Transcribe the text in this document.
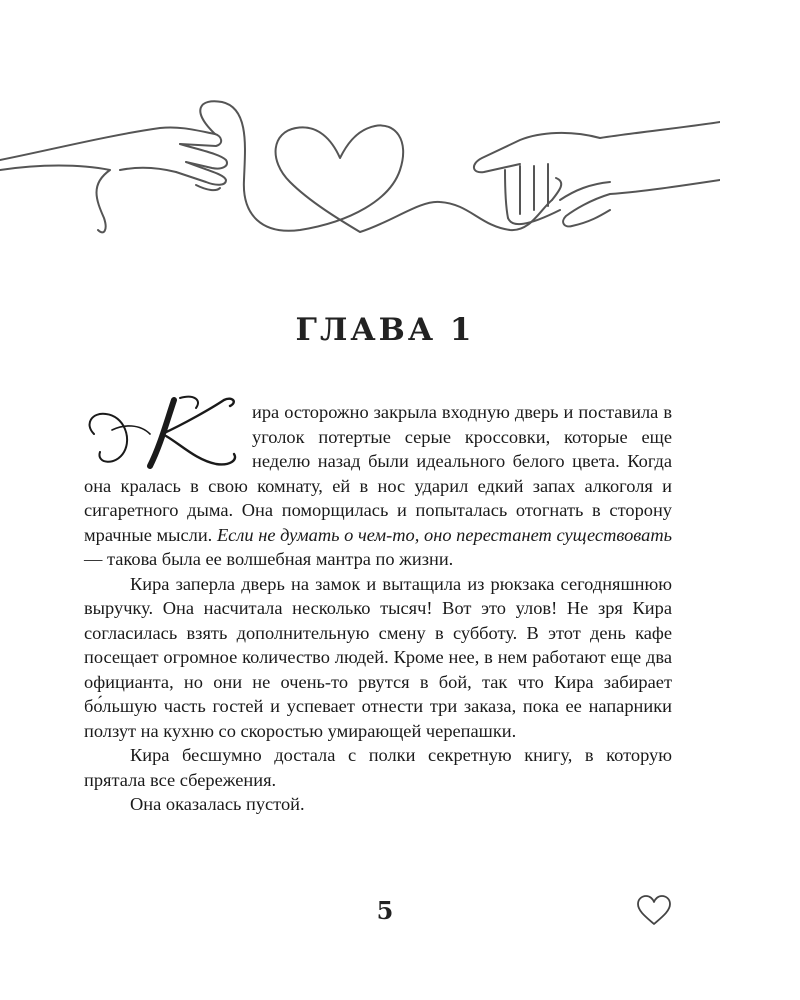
ГЛАВА 1
К

ира осторожно закрыла входную дверь и поставила в уголок потертые серые кроссовки, которые еще неделю назад были идеального белого цвета. Когда она кралась в свою комнату, ей в нос ударил едкий запах алкоголя и сигаретного дыма. Она поморщилась и попыталась отогнать в сторону мрачные мысли. Если не думать о чем-то, оно перестанет существовать — такова была ее волшебная мантра по жизни.

Кира заперла дверь на замок и вытащила из рюкзака сегодняшнюю выручку. Она насчитала несколько тысяч! Вот это улов! Не зря Кира согласилась взять дополнительную смену в субботу. В этот день кафе посещает огромное количество людей. Кроме нее, в нем работают еще два официанта, но они не очень-то рвутся в бой, так что Кира забирает бо́льшую часть гостей и успевает отнести три заказа, пока ее напарники ползут на кухню со скоростью умирающей черепашки.

Кира бесшумно достала с полки секретную книгу, в которую прятала все сбережения.

Она оказалась пустой.

5
